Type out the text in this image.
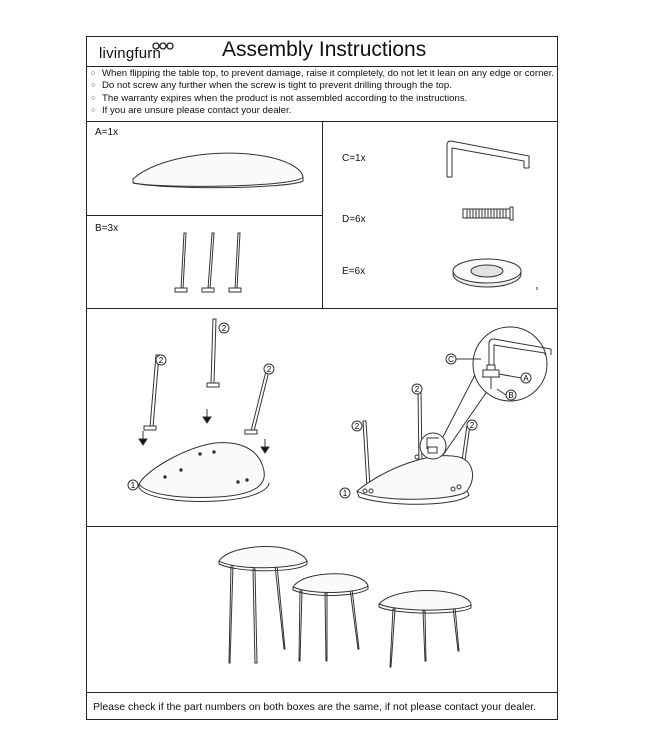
livingfurn	Assembly Instructions
○ When flipping the table top, to prevent damage, raise it completely, do not let it lean on any edge or corner.
○ Do not screw any further when the screw is tight to prevent drilling through the top.
○ The warranty expires when the product is not assembled according to the instructions.
○ If you are unsure please contact your dealer.
A=1x
B=3x
C=1x
D=6x
E=6x
2
2
2
1
2
2	2
1
C
A
B
Please check if the part numbers on both boxes are the same, if not please contact your dealer.
